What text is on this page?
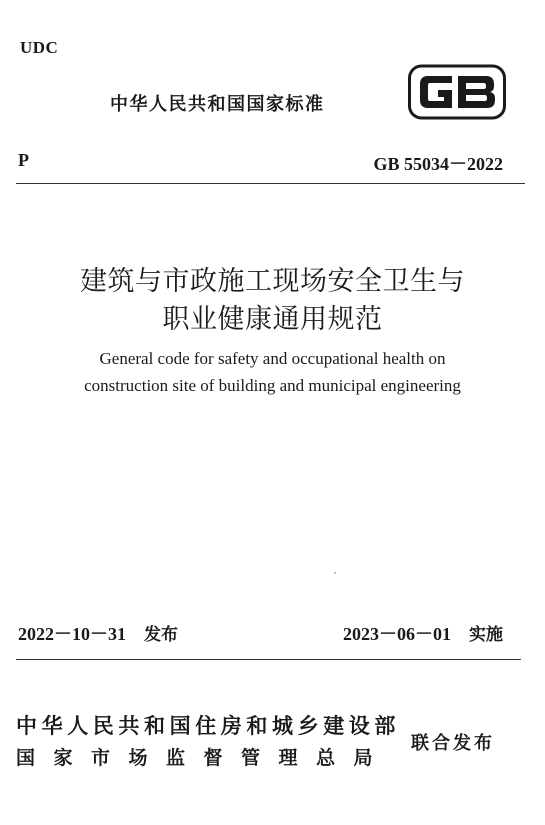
UDC
中华人民共和国国家标准
P	GB 55034－2022
建筑与市政施工现场安全卫生与
职业健康通用规范
General code for safety and occupational health on
construction site of building and municipal engineering
2022－10－31 发布	2023－06－01 实施
中华人民共和国住房和城乡建设部
国家市场监督管理总局
联合发布
